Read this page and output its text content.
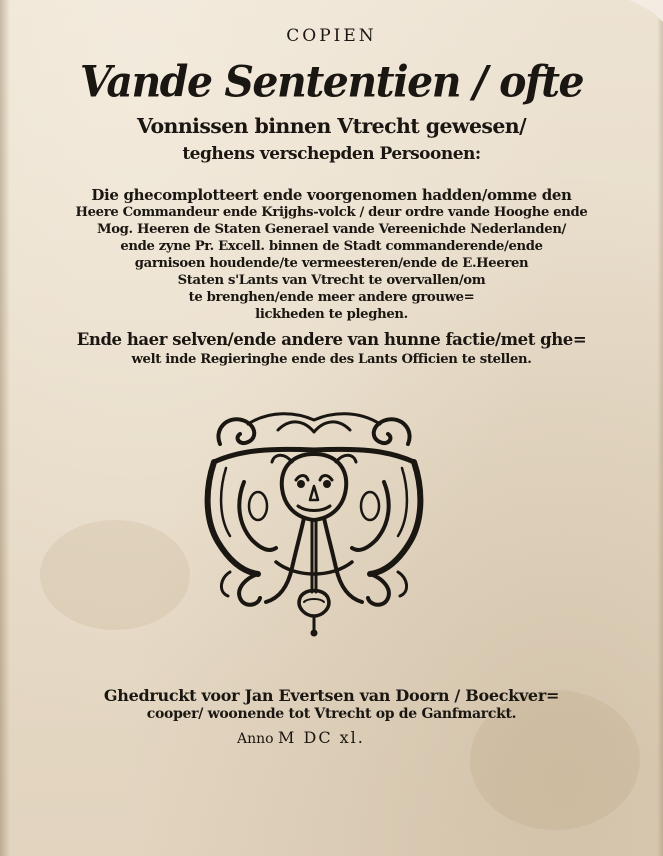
COPIEN
Vande Sententien / ofte
Vonnissen binnen Vtrecht gewesen/
teghens verschepden Persoonen:
Die ghecomplotteert ende voorgenomen hadden/omme den
Heere Commandeur ende Krijghs-volck / deur ordre vande Hooghe ende
Mog. Heeren de Staten Generael vande Vereenichde Nederlanden/
ende zyne Pr. Excell. binnen de Stadt commanderende/ende
garnisoen houdende/te vermeesteren/ende de E.Heeren
Staten s'Lants van Vtrecht te overvallen/om
te brenghen/ende meer andere grouwe=
lickheden te pleghen.
Ende haer selven/ende andere van hunne factie/met ghe=
welt inde Regieringhe ende des Lants Officien te stellen.
Ghedruckt voor Jan Evertsen van Doorn / Boeckver=
cooper/ woonende tot Vtrecht op de Ganfmarckt.
Anno M DC xl.
